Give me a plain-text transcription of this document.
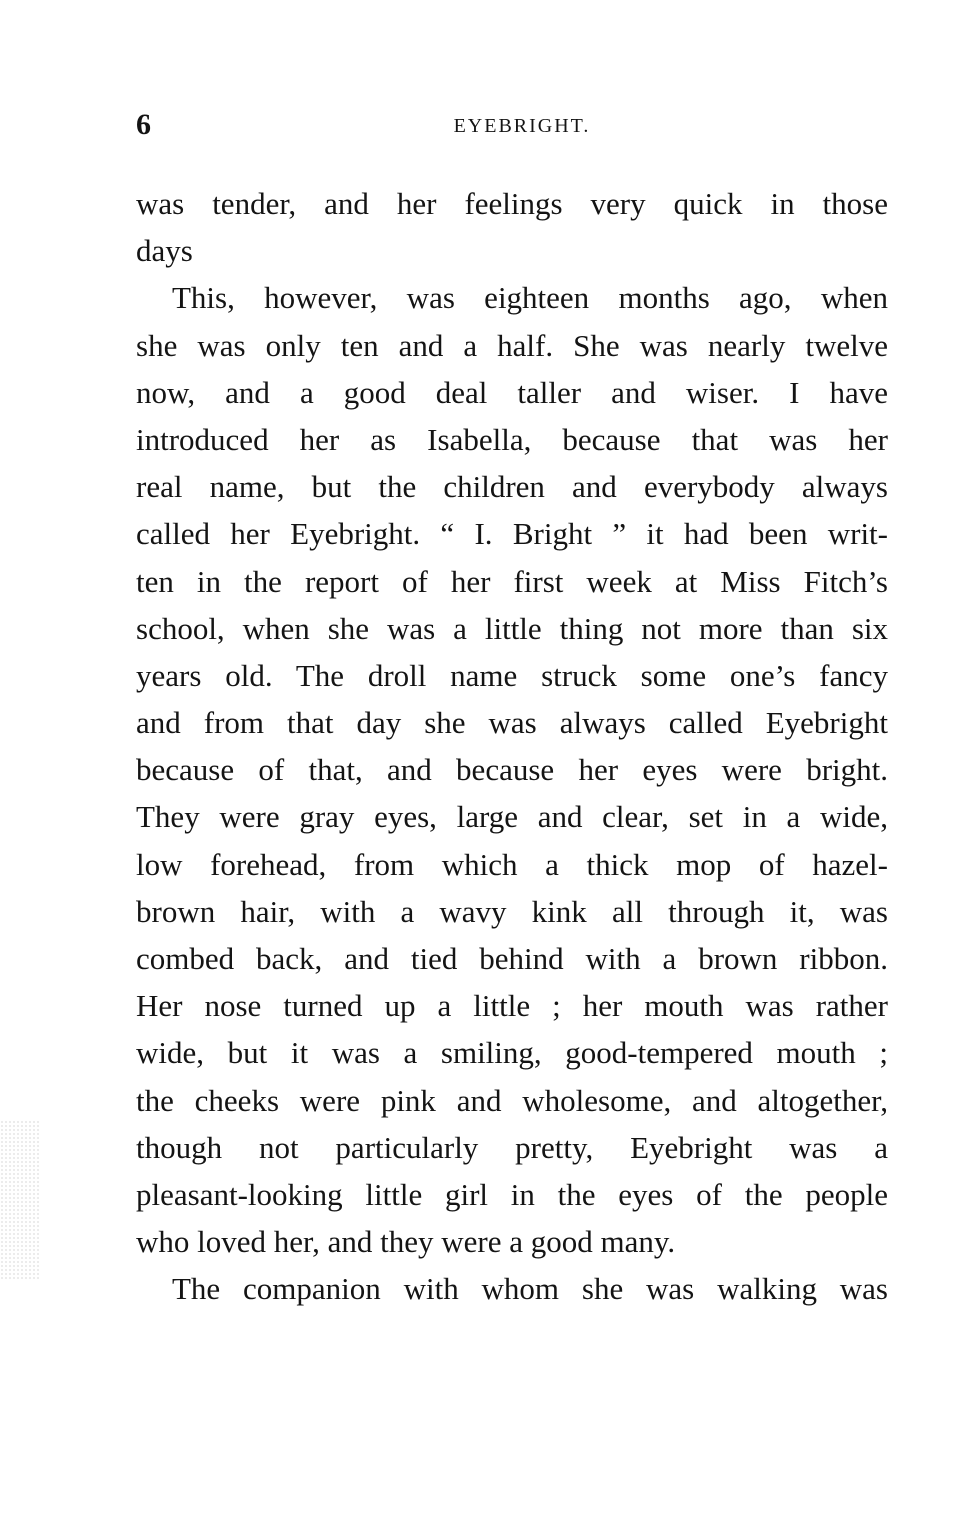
6	EYEBRIGHT.
was tender, and her feelings very quick in those
days
This, however, was eighteen months ago, when
she was only ten and a half. She was nearly twelve
now, and a good deal taller and wiser. I have
introduced her as Isabella, because that was her
real name, but the children and everybody always
called her Eyebright. “ I. Bright ” it had been writ-
ten in the report of her first week at Miss Fitch’s
school, when she was a little thing not more than six
years old. The droll name struck some one’s fancy
and from that day she was always called Eyebright
because of that, and because her eyes were bright.
They were gray eyes, large and clear, set in a wide,
low forehead, from which a thick mop of hazel-
brown hair, with a wavy kink all through it, was
combed back, and tied behind with a brown ribbon.
Her nose turned up a little ; her mouth was rather
wide, but it was a smiling, good-tempered mouth ;
the cheeks were pink and wholesome, and altogether,
though not particularly pretty, Eyebright was a
pleasant-looking little girl in the eyes of the people
who loved her, and they were a good many.
The companion with whom she was walking was
